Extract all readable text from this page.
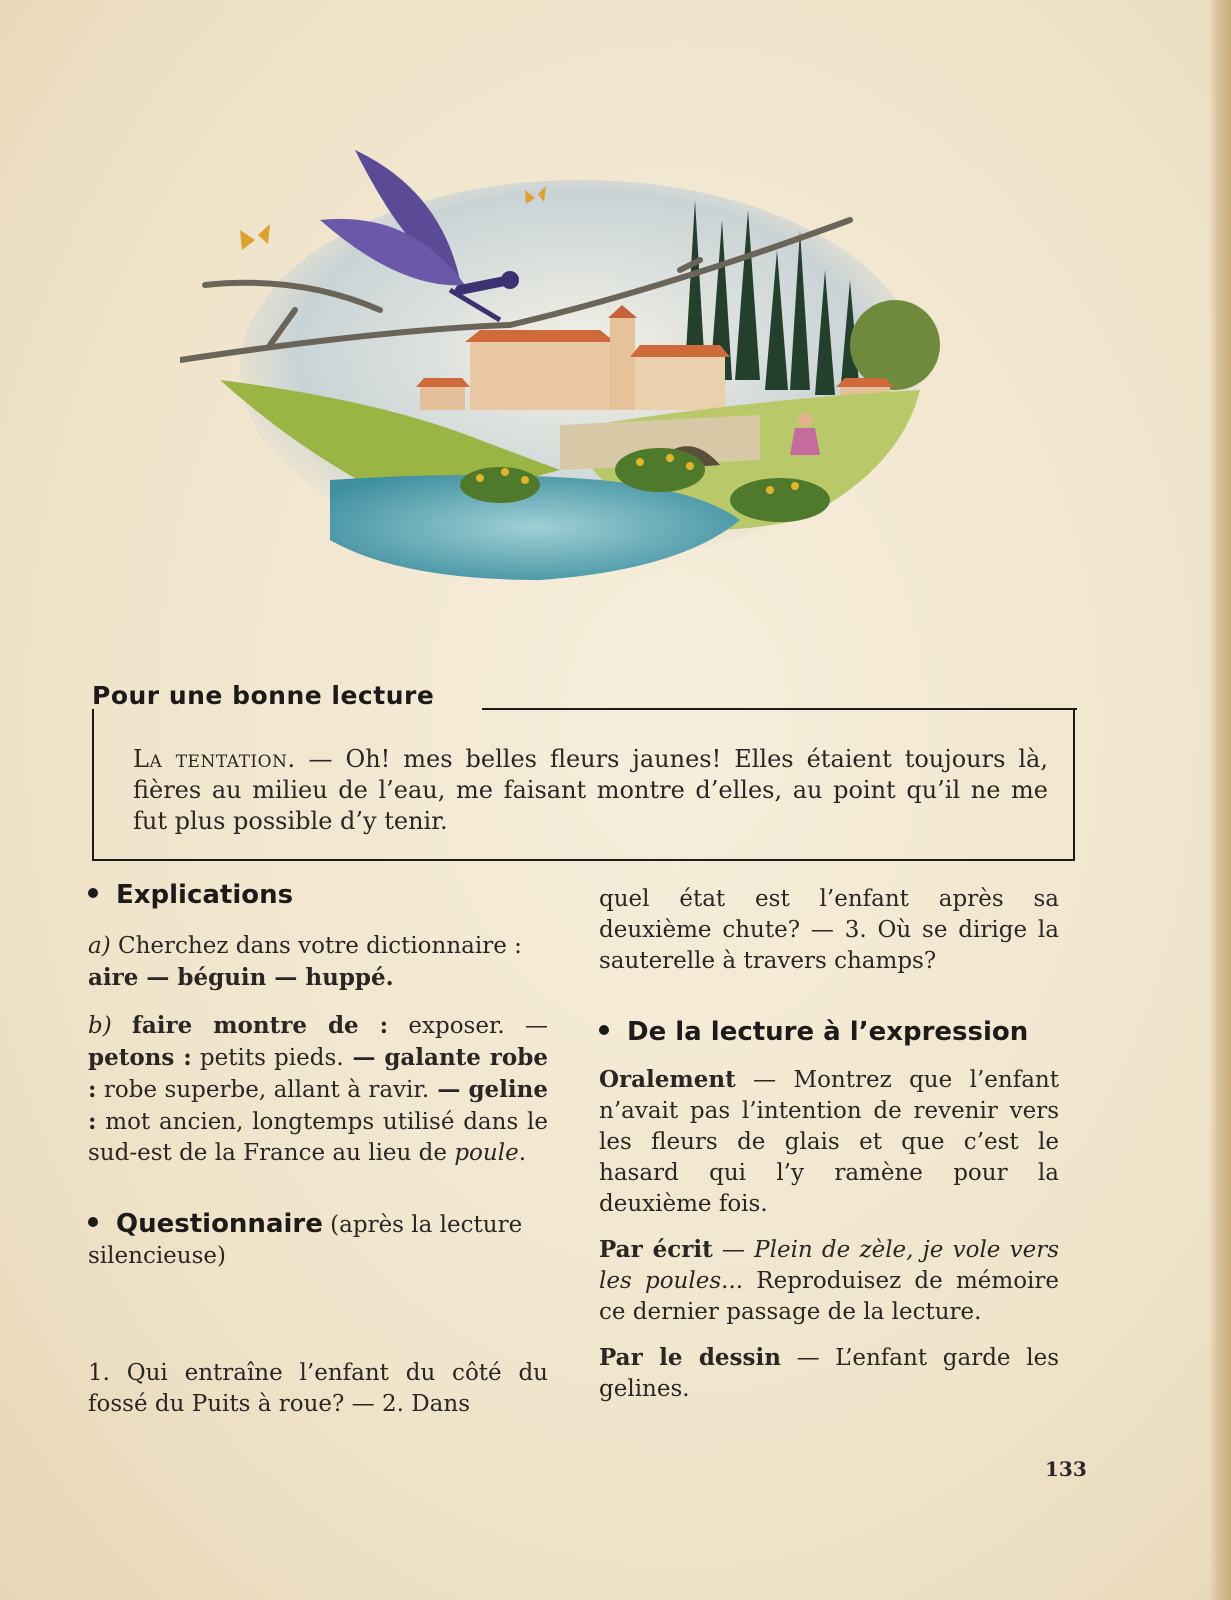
Pour une bonne lecture
La tentation. — Oh! mes belles fleurs jaunes! Elles étaient toujours là, fières au milieu de l’eau, me faisant montre d’elles, au point qu’il ne me fut plus possible d’y tenir.
Explications

a) Cherchez dans votre dictionnaire :
aire — béguin — huppé.

b) faire montre de : exposer. — petons : petits pieds. — galante robe : robe superbe, allant à ravir. — geline : mot ancien, longtemps utilisé dans le sud-est de la France au lieu de poule.

Questionnaire (après la lecture silencieuse)

1. Qui entraîne l’enfant du côté du fossé du Puits à roue? — 2. Dans

quel état est l’enfant après sa deuxième chute? — 3. Où se dirige la sauterelle à travers champs?

De la lecture à l’expression

Oralement — Montrez que l’enfant n’avait pas l’intention de revenir vers les fleurs de glais et que c’est le hasard qui l’y ramène pour la deuxième fois.

Par écrit — Plein de zèle, je vole vers les poules... Reproduisez de mémoire ce dernier passage de la lecture.

Par le dessin — L’enfant garde les gelines.

133
